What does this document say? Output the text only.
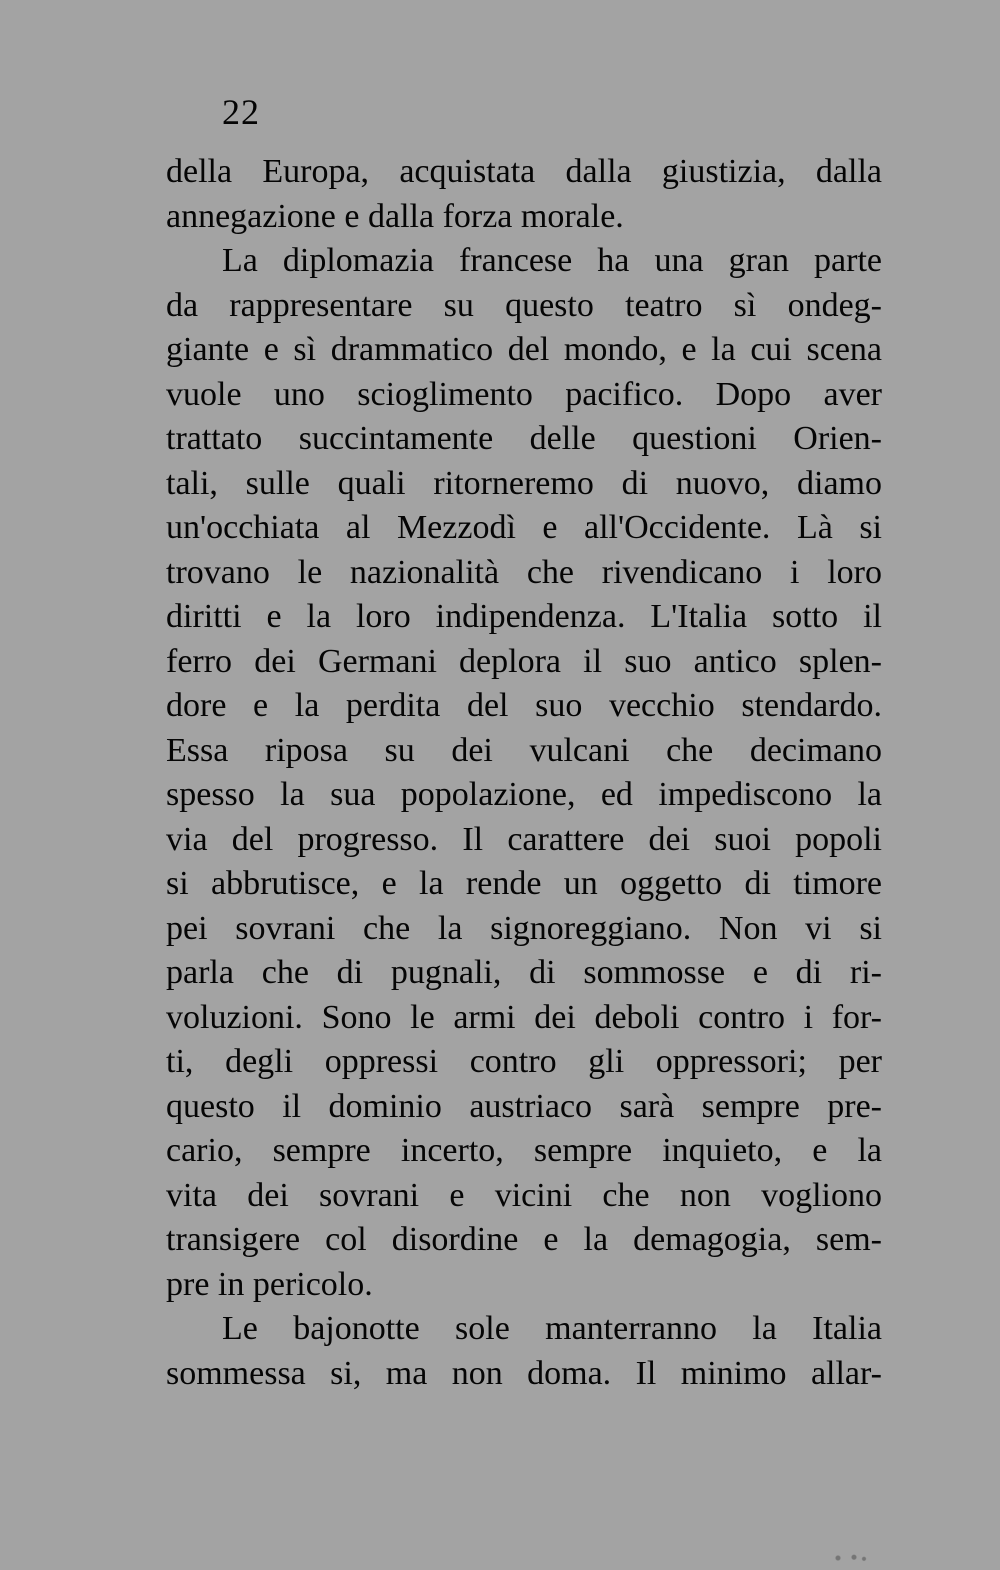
22
della Europa, acquistata dalla giustizia, dalla
annegazione e dalla forza morale.
La diplomazia francese ha una gran parte
da rappresentare su questo teatro sì ondeg-
giante e sì drammatico del mondo, e la cui scena
vuole uno scioglimento pacifico. Dopo aver
trattato succintamente delle questioni Orien-
tali, sulle quali ritorneremo di nuovo, diamo
un'occhiata al Mezzodì e all'Occidente. Là si
trovano le nazionalità che rivendicano i loro
diritti e la loro indipendenza. L'Italia sotto il
ferro dei Germani deplora il suo antico splen-
dore e la perdita del suo vecchio stendardo.
Essa riposa su dei vulcani che decimano
spesso la sua popolazione, ed impediscono la
via del progresso. Il carattere dei suoi popoli
si abbrutisce, e la rende un oggetto di timore
pei sovrani che la signoreggiano. Non vi si
parla che di pugnali, di sommosse e di ri-
voluzioni. Sono le armi dei deboli contro i for-
ti, degli oppressi contro gli oppressori; per
questo il dominio austriaco sarà sempre pre-
cario, sempre incerto, sempre inquieto, e la
vita dei sovrani e vicini che non vogliono
transigere col disordine e la demagogia, sem-
pre in pericolo.
Le bajonotte sole manterranno la Italia
sommessa si, ma non doma. Il minimo allar-
